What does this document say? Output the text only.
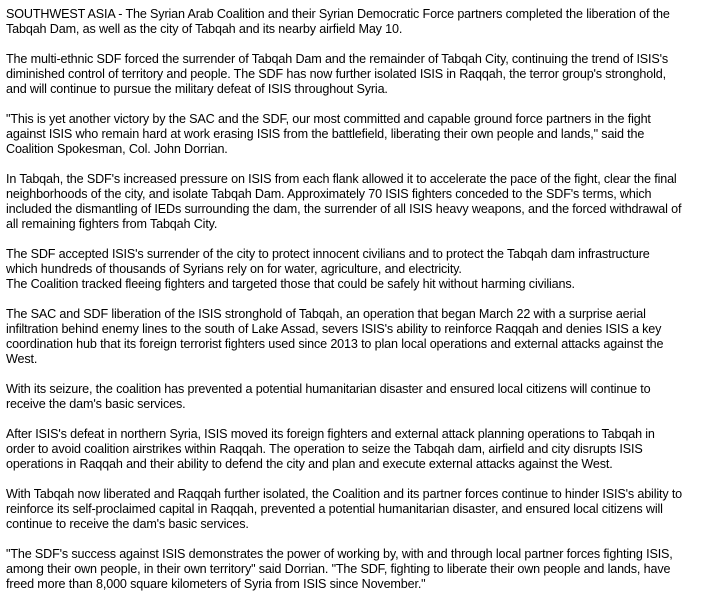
SOUTHWEST ASIA - The Syrian Arab Coalition and their Syrian Democratic Force partners completed the liberation of the
Tabqah Dam, as well as the city of Tabqah and its nearby airfield May 10.

The multi-ethnic SDF forced the surrender of Tabqah Dam and the remainder of Tabqah City, continuing the trend of ISIS's
diminished control of territory and people. The SDF has now further isolated ISIS in Raqqah, the terror group's stronghold,
and will continue to pursue the military defeat of ISIS throughout Syria.

"This is yet another victory by the SAC and the SDF, our most committed and capable ground force partners in the fight
against ISIS who remain hard at work erasing ISIS from the battlefield, liberating their own people and lands," said the
Coalition Spokesman, Col. John Dorrian.

In Tabqah, the SDF's increased pressure on ISIS from each flank allowed it to accelerate the pace of the fight, clear the final
neighborhoods of the city, and isolate Tabqah Dam. Approximately 70 ISIS fighters conceded to the SDF's terms, which
included the dismantling of IEDs surrounding the dam, the surrender of all ISIS heavy weapons, and the forced withdrawal of
all remaining fighters from Tabqah City.

The SDF accepted ISIS's surrender of the city to protect innocent civilians and to protect the Tabqah dam infrastructure
which hundreds of thousands of Syrians rely on for water, agriculture, and electricity.
The Coalition tracked fleeing fighters and targeted those that could be safely hit without harming civilians.

The SAC and SDF liberation of the ISIS stronghold of Tabqah, an operation that began March 22 with a surprise aerial
infiltration behind enemy lines to the south of Lake Assad, severs ISIS's ability to reinforce Raqqah and denies ISIS a key
coordination hub that its foreign terrorist fighters used since 2013 to plan local operations and external attacks against the
West.

With its seizure, the coalition has prevented a potential humanitarian disaster and ensured local citizens will continue to
receive the dam's basic services.

After ISIS's defeat in northern Syria, ISIS moved its foreign fighters and external attack planning operations to Tabqah in
order to avoid coalition airstrikes within Raqqah. The operation to seize the Tabqah dam, airfield and city disrupts ISIS
operations in Raqqah and their ability to defend the city and plan and execute external attacks against the West.

With Tabqah now liberated and Raqqah further isolated, the Coalition and its partner forces continue to hinder ISIS's ability to
reinforce its self-proclaimed capital in Raqqah, prevented a potential humanitarian disaster, and ensured local citizens will
continue to receive the dam's basic services.

"The SDF's success against ISIS demonstrates the power of working by, with and through local partner forces fighting ISIS,
among their own people, in their own territory" said Dorrian. "The SDF, fighting to liberate their own people and lands, have
freed more than 8,000 square kilometers of Syria from ISIS since November."
